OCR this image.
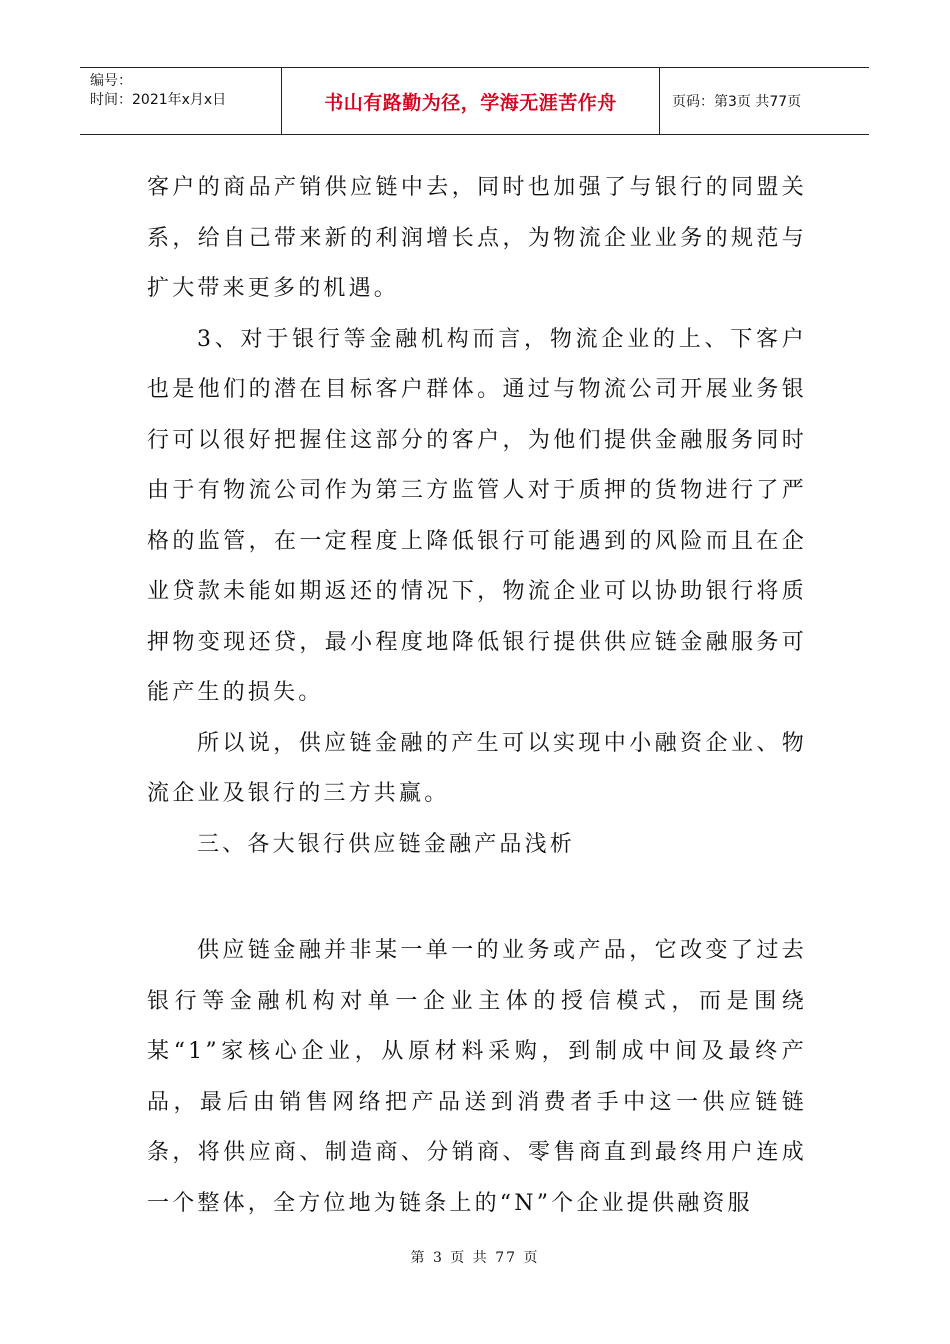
编号：
时间：2021年x月x日	书山有路勤为径，学海无涯苦作舟	页码：第3页 共77页

客户的商品产销供应链中去，同时也加强了与银行的同盟关系，给自己带来新的利润增长点，为物流企业业务的规范与扩大带来更多的机遇。

3、对于银行等金融机构而言，物流企业的上、下客户也是他们的潜在目标客户群体。通过与物流公司开展业务银行可以很好把握住这部分的客户，为他们提供金融服务同时由于有物流公司作为第三方监管人对于质押的货物进行了严格的监管，在一定程度上降低银行可能遇到的风险而且在企业贷款未能如期返还的情况下，物流企业可以协助银行将质押物变现还贷，最小程度地降低银行提供供应链金融服务可能产生的损失。

所以说，供应链金融的产生可以实现中小融资企业、物流企业及银行的三方共赢。

三、各大银行供应链金融产品浅析

供应链金融并非某一单一的业务或产品，它改变了过去银行等金融机构对单一企业主体的授信模式，而是围绕某“1”家核心企业，从原材料采购，到制成中间及最终产品，最后由销售网络把产品送到消费者手中这一供应链链条，将供应商、制造商、分销商、零售商直到最终用户连成一个整体，全方位地为链条上的“N”个企业提供融资服

第 3 页 共 77 页
